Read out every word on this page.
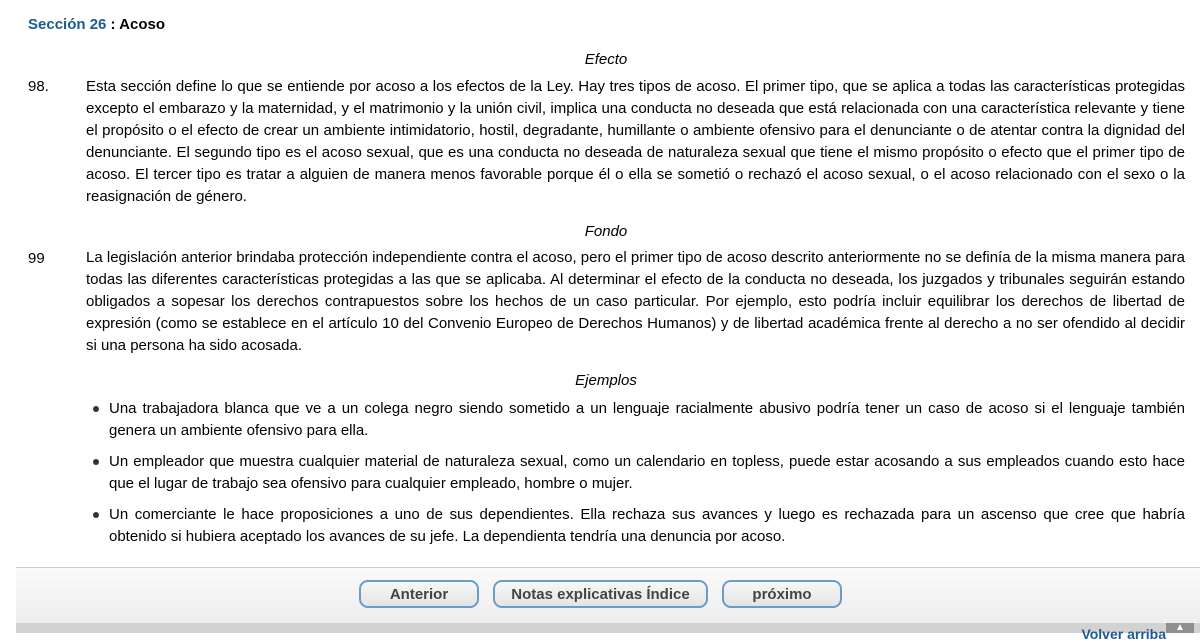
Sección 26 : Acoso
Efecto
98. Esta sección define lo que se entiende por acoso a los efectos de la Ley. Hay tres tipos de acoso. El primer tipo, que se aplica a todas las características protegidas excepto el embarazo y la maternidad, y el matrimonio y la unión civil, implica una conducta no deseada que está relacionada con una característica relevante y tiene el propósito o el efecto de crear un ambiente intimidatorio, hostil, degradante, humillante o ambiente ofensivo para el denunciante o de atentar contra la dignidad del denunciante. El segundo tipo es el acoso sexual, que es una conducta no deseada de naturaleza sexual que tiene el mismo propósito o efecto que el primer tipo de acoso. El tercer tipo es tratar a alguien de manera menos favorable porque él o ella se sometió o rechazó el acoso sexual, o el acoso relacionado con el sexo o la reasignación de género.

Fondo
99	La legislación anterior brindaba protección independiente contra el acoso, pero el primer tipo de acoso descrito anteriormente no se definía de la misma manera para todas las diferentes características protegidas a las que se aplicaba. Al determinar el efecto de la conducta no deseada, los juzgados y tribunales seguirán estando obligados a sopesar los derechos contrapuestos sobre los hechos de un caso particular. Por ejemplo, esto podría incluir equilibrar los derechos de libertad de expresión (como se establece en el artículo 10 del Convenio Europeo de Derechos Humanos) y de libertad académica frente al derecho a no ser ofendido al decidir si una persona ha sido acosada.

Ejemplos
Una trabajadora blanca que ve a un colega negro siendo sometido a un lenguaje racialmente abusivo podría tener un caso de acoso si el lenguaje también genera un ambiente ofensivo para ella.
Un empleador que muestra cualquier material de naturaleza sexual, como un calendario en topless, puede estar acosando a sus empleados cuando esto hace que el lugar de trabajo sea ofensivo para cualquier empleado, hombre o mujer.
Un comerciante le hace proposiciones a uno de sus dependientes. Ella rechaza sus avances y luego es rechazada para un ascenso que cree que habría obtenido si hubiera aceptado los avances de su jefe. La dependienta tendría una denuncia por acoso.
Anterior	Notas explicativas Índice	próximo
Volver arriba ▲
